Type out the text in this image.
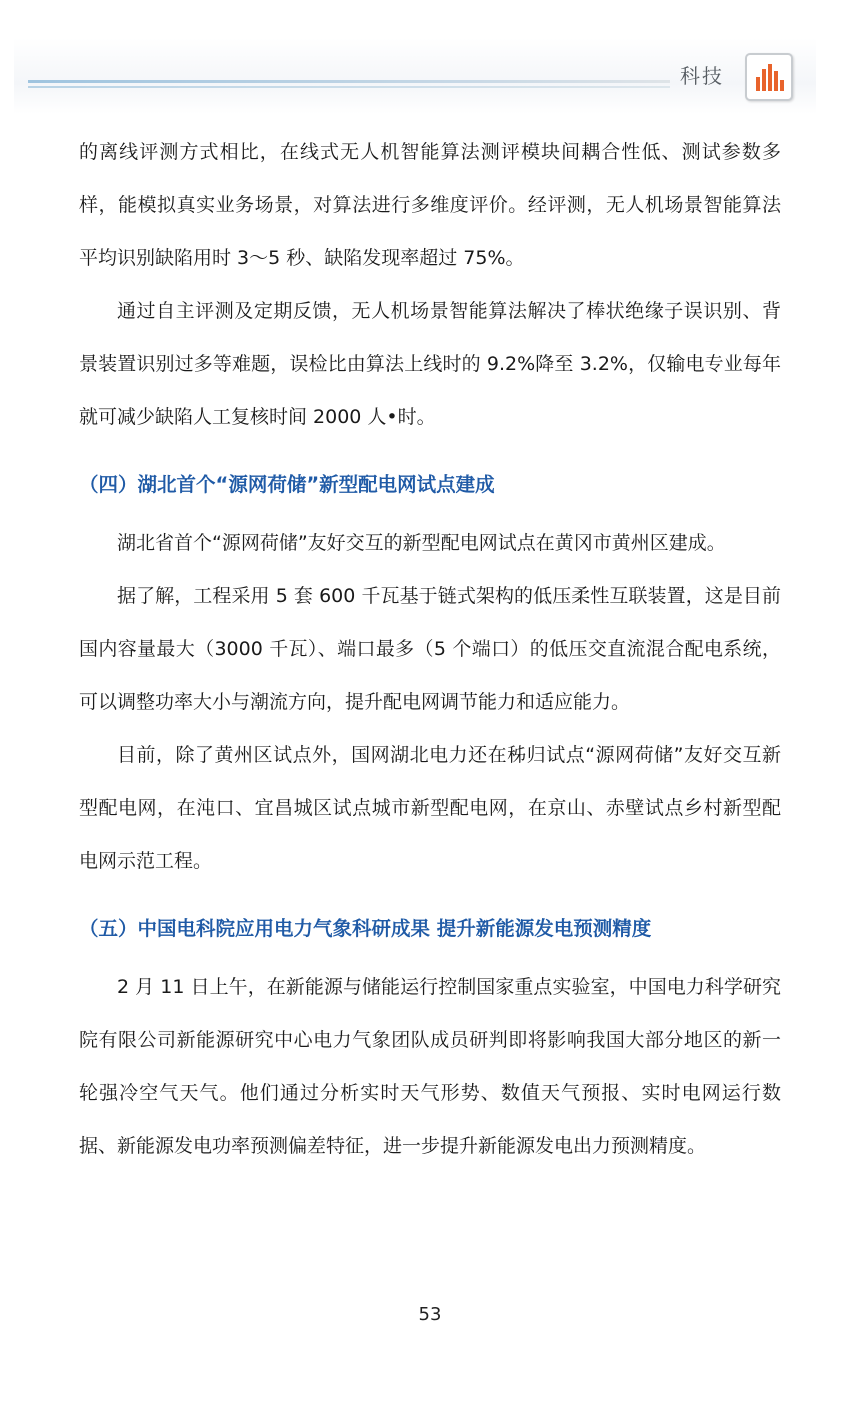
科技

的离线评测方式相比，在线式无人机智能算法测评模块间耦合性低、测试参数多样，能模拟真实业务场景，对算法进行多维度评价。经评测，无人机场景智能算法平均识别缺陷用时 3～5 秒、缺陷发现率超过 75%。

通过自主评测及定期反馈，无人机场景智能算法解决了棒状绝缘子误识别、背景装置识别过多等难题，误检比由算法上线时的 9.2%降至 3.2%，仅输电专业每年就可减少缺陷人工复核时间 2000 人•时。

（四）湖北首个“源网荷储”新型配电网试点建成

湖北省首个“源网荷储”友好交互的新型配电网试点在黄冈市黄州区建成。

据了解，工程采用 5 套 600 千瓦基于链式架构的低压柔性互联装置，这是目前国内容量最大（3000 千瓦）、端口最多（5 个端口）的低压交直流混合配电系统，可以调整功率大小与潮流方向，提升配电网调节能力和适应能力。

目前，除了黄州区试点外，国网湖北电力还在秭归试点“源网荷储”友好交互新型配电网，在沌口、宜昌城区试点城市新型配电网，在京山、赤壁试点乡村新型配电网示范工程。

（五）中国电科院应用电力气象科研成果 提升新能源发电预测精度

2 月 11 日上午，在新能源与储能运行控制国家重点实验室，中国电力科学研究院有限公司新能源研究中心电力气象团队成员研判即将影响我国大部分地区的新一轮强冷空气天气。他们通过分析实时天气形势、数值天气预报、实时电网运行数据、新能源发电功率预测偏差特征，进一步提升新能源发电出力预测精度。

53
